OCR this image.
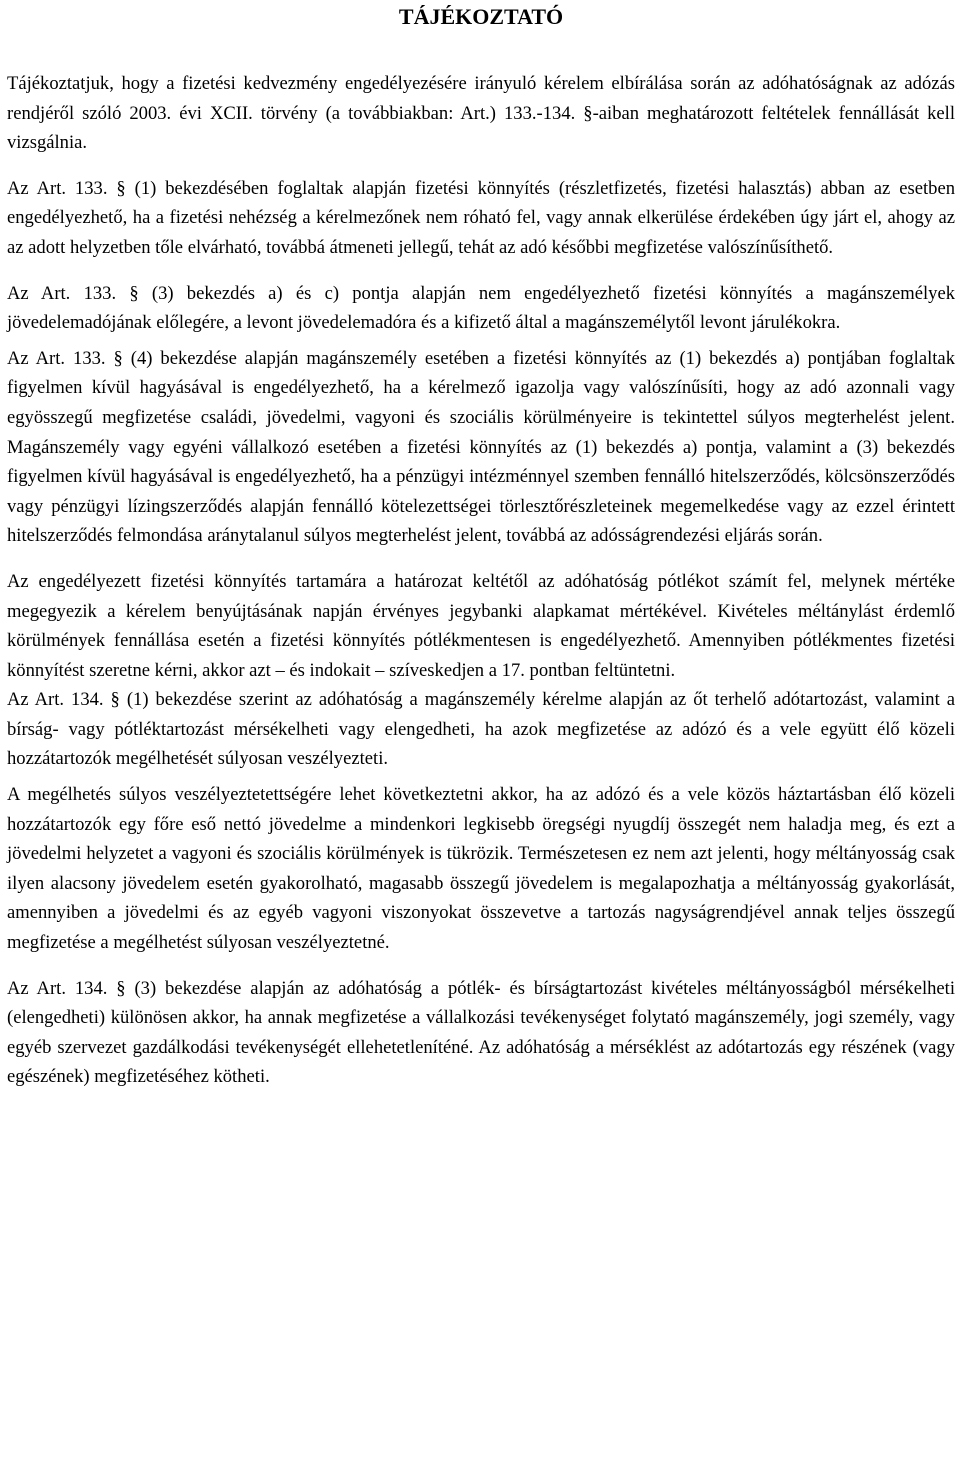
TÁJÉKOZTATÓ

Tájékoztatjuk, hogy a fizetési kedvezmény engedélyezésére irányuló kérelem elbírálása során az adóhatóságnak az adózás rendjéről szóló 2003. évi XCII. törvény (a továbbiakban: Art.) 133.-134. §-aiban meghatározott feltételek fennállását kell vizsgálnia.

Az Art. 133. § (1) bekezdésében foglaltak alapján fizetési könnyítés (részletfizetés, fizetési halasztás) abban az esetben engedélyezhető, ha a fizetési nehézség a kérelmezőnek nem róható fel, vagy annak elkerülése érdekében úgy járt el, ahogy az az adott helyzetben tőle elvárható, továbbá átmeneti jellegű, tehát az adó későbbi megfizetése valószínűsíthető.

Az Art. 133. § (3) bekezdés a) és c) pontja alapján nem engedélyezhető fizetési könnyítés a magánszemélyek jövedelemadójának előlegére, a levont jövedelemadóra és a kifizető által a magánszemélytől levont járulékokra.

Az Art. 133. § (4) bekezdése alapján magánszemély esetében a fizetési könnyítés az (1) bekezdés a) pontjában foglaltak figyelmen kívül hagyásával is engedélyezhető, ha a kérelmező igazolja vagy valószínűsíti, hogy az adó azonnali vagy egyösszegű megfizetése családi, jövedelmi, vagyoni és szociális körülményeire is tekintettel súlyos megterhelést jelent. Magánszemély vagy egyéni vállalkozó esetében a fizetési könnyítés az (1) bekezdés a) pontja, valamint a (3) bekezdés figyelmen kívül hagyásával is engedélyezhető, ha a pénzügyi intézménnyel szemben fennálló hitelszerződés, kölcsönszerződés vagy pénzügyi lízingszerződés alapján fennálló kötelezettségei törlesztőrészleteinek megemelkedése vagy az ezzel érintett hitelszerződés felmondása aránytalanul súlyos megterhelést jelent, továbbá az adósságrendezési eljárás során.

Az engedélyezett fizetési könnyítés tartamára a határozat keltétől az adóhatóság pótlékot számít fel, melynek mértéke megegyezik a kérelem benyújtásának napján érvényes jegybanki alapkamat mértékével. Kivételes méltánylást érdemlő körülmények fennállása esetén a fizetési könnyítés pótlékmentesen is engedélyezhető. Amennyiben pótlékmentes fizetési könnyítést szeretne kérni, akkor azt – és indokait – szíveskedjen a 17. pontban feltüntetni.

Az Art. 134. § (1) bekezdése szerint az adóhatóság a magánszemély kérelme alapján az őt terhelő adótartozást, valamint a bírság- vagy pótléktartozást mérsékelheti vagy elengedheti, ha azok megfizetése az adózó és a vele együtt élő közeli hozzátartozók megélhetését súlyosan veszélyezteti.

A megélhetés súlyos veszélyeztetettségére lehet következtetni akkor, ha az adózó és a vele közös háztartásban élő közeli hozzátartozók egy főre eső nettó jövedelme a mindenkori legkisebb öregségi nyugdíj összegét nem haladja meg, és ezt a jövedelmi helyzetet a vagyoni és szociális körülmények is tükrözik. Természetesen ez nem azt jelenti, hogy méltányosság csak ilyen alacsony jövedelem esetén gyakorolható, magasabb összegű jövedelem is megalapozhatja a méltányosság gyakorlását, amennyiben a jövedelmi és az egyéb vagyoni viszonyokat összevetve a tartozás nagyságrendjével annak teljes összegű megfizetése a megélhetést súlyosan veszélyeztetné.

Az Art. 134. § (3) bekezdése alapján az adóhatóság a pótlék- és bírságtartozást kivételes méltányosságból mérsékelheti (elengedheti) különösen akkor, ha annak megfizetése a vállalkozási tevékenységet folytató magánszemély, jogi személy, vagy egyéb szervezet gazdálkodási tevékenységét ellehetetleníténé. Az adóhatóság a mérséklést az adótartozás egy részének (vagy egészének) megfizetéséhez kötheti.
